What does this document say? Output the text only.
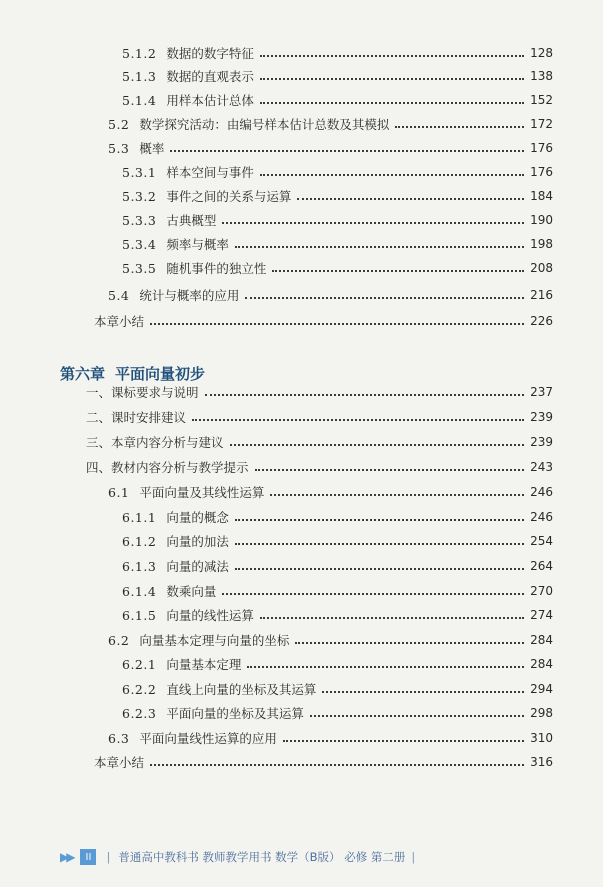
5.1.2 数据的数字特征	128
5.1.3 数据的直观表示	138
5.1.4 用样本估计总体	152
5.2 数学探究活动：由编号样本估计总数及其模拟	172
5.3 概率	176
5.3.1 样本空间与事件	176
5.3.2 事件之间的关系与运算	184
5.3.3 古典概型	190
5.3.4 频率与概率	198
5.3.5 随机事件的独立性	208
5.4 统计与概率的应用	216
本章小结	226
第六章 平面向量初步
一、课标要求与说明	237
二、课时安排建议	239
三、本章内容分析与建议	239
四、教材内容分析与教学提示	243
6.1 平面向量及其线性运算	246
6.1.1 向量的概念	246
6.1.2 向量的加法	254
6.1.3 向量的减法	264
6.1.4 数乘向量	270
6.1.5 向量的线性运算	274
6.2 向量基本定理与向量的坐标	284
6.2.1 向量基本定理	284
6.2.2 直线上向量的坐标及其运算	294
6.2.3 平面向量的坐标及其运算	298
6.3 平面向量线性运算的应用	310
本章小结	316
▶▶	II	| 普通高中教科书 教师教学用书 数学（B版） 必修 第二册 |
